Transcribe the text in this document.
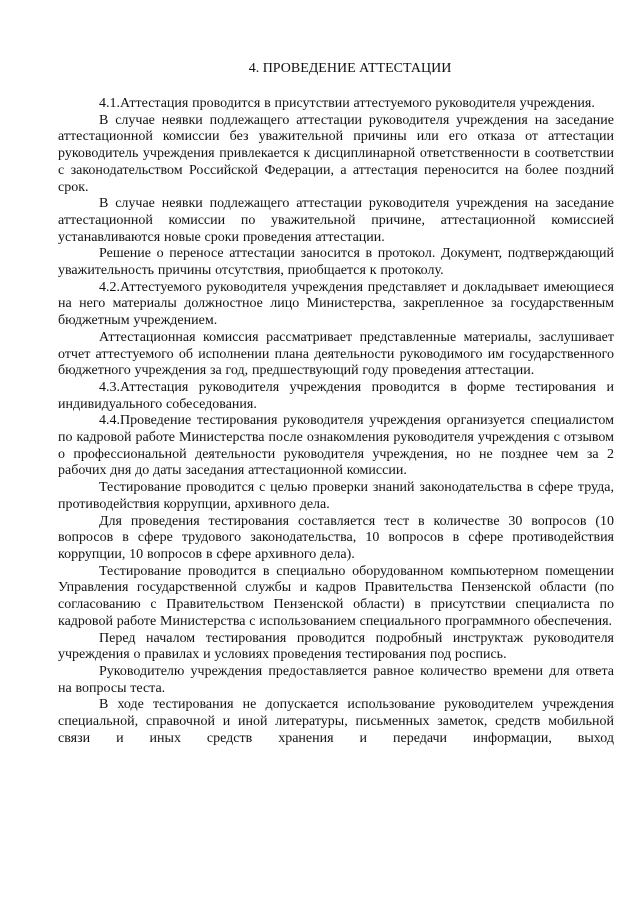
4. ПРОВЕДЕНИЕ АТТЕСТАЦИИ

4.1.Аттестация проводится в присутствии аттестуемого руководителя учреждения.

В случае неявки подлежащего аттестации руководителя учреждения на заседание аттестационной комиссии без уважительной причины или его отказа от аттестации руководитель учреждения привлекается к дисциплинарной ответственности в соответствии с законодательством Российской Федерации, а аттестация переносится на более поздний срок.

В случае неявки подлежащего аттестации руководителя учреждения на заседание аттестационной комиссии по уважительной причине, аттестационной комиссией устанавливаются новые сроки проведения аттестации.

Решение о переносе аттестации заносится в протокол. Документ, подтверждающий уважительность причины отсутствия, приобщается к протоколу.

4.2.Аттестуемого руководителя учреждения представляет и докладывает имеющиеся на него материалы должностное лицо Министерства, закрепленное за государственным бюджетным учреждением.

Аттестационная комиссия рассматривает представленные материалы, заслушивает отчет аттестуемого об исполнении плана деятельности руководимого им государственного бюджетного учреждения за год, предшествующий году проведения аттестации.

4.3.Аттестация руководителя учреждения проводится в форме тестирования и индивидуального собеседования.

4.4.Проведение тестирования руководителя учреждения организуется специалистом по кадровой работе Министерства после ознакомления руководителя учреждения с отзывом о профессиональной деятельности руководителя учреждения, но не позднее чем за 2 рабочих дня до даты заседания аттестационной комиссии.

Тестирование проводится с целью проверки знаний законодательства в сфере труда, противодействия коррупции, архивного дела.

Для проведения тестирования составляется тест в количестве 30 вопросов (10 вопросов в сфере трудового законодательства, 10 вопросов в сфере противодействия коррупции, 10 вопросов в сфере архивного дела).

Тестирование проводится в специально оборудованном компьютерном помещении Управления государственной службы и кадров Правительства Пензенской области (по согласованию с Правительством Пензенской области) в присутствии специалиста по кадровой работе Министерства с использованием специального программного обеспечения.

Перед началом тестирования проводится подробный инструктаж руководителя учреждения о правилах и условиях проведения тестирования под роспись.

Руководителю учреждения предоставляется равное количество времени для ответа на вопросы теста.

В ходе тестирования не допускается использование руководителем учреждения специальной, справочной и иной литературы, письменных заметок, средств мобильной связи и иных средств хранения и передачи информации, выход
